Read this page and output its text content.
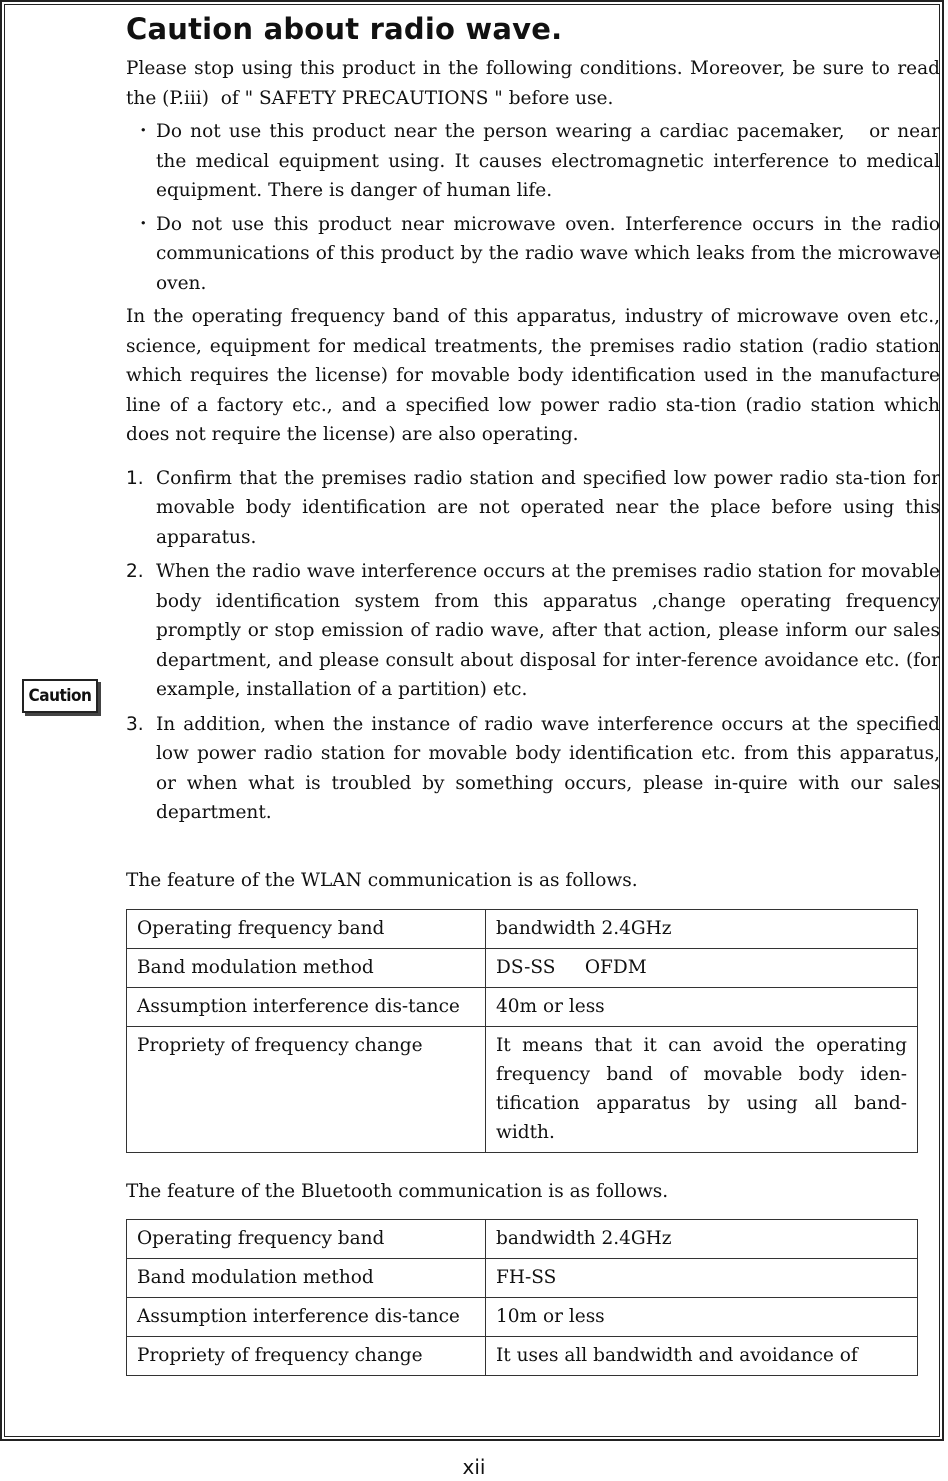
Caution
Caution about radio wave.

Please stop using this product in the following conditions. Moreover, be sure to read the (P.iii)  of " SAFETY PRECAUTIONS " before use.

・ Do not use this product near the person wearing a cardiac pacemaker,   or near the medical equipment using. It causes electromagnetic interference to medical equipment. There is danger of human life.
・ Do not use this product near microwave oven. Interference occurs in the radio communications of this product by the radio wave which leaks from the microwave oven.

In the operating frequency band of this apparatus, industry of microwave oven etc., science, equipment for medical treatments, the premises radio station (radio station which requires the license) for movable body identification used in the manufacture line of a factory etc., and a specified low power radio sta-tion (radio station which does not require the license) are also operating.

1. Confirm that the premises radio station and specified low power radio sta-tion for movable body identification are not operated near the place before using this apparatus.
2. When the radio wave interference occurs at the premises radio station for movable body identification system from this apparatus ,change operating frequency promptly or stop emission of radio wave, after that action, please inform our sales department, and please consult about disposal for inter-ference avoidance etc. (for example, installation of a partition) etc.
3. In addition, when the instance of radio wave interference occurs at the specified low power radio station for movable body identification etc. from this apparatus, or when what is troubled by something occurs, please in-quire with our sales department.

The feature of the WLAN communication is as follows.

Operating frequency band	bandwidth 2.4GHz
Band modulation method	DS-SS     OFDM
Assumption interference dis-tance	40m or less
Propriety of frequency change	It means that it can avoid the operating frequency band of movable body iden-tification apparatus by using all band-width.

The feature of the Bluetooth communication is as follows.

Operating frequency band	bandwidth 2.4GHz
Band modulation method	FH-SS
Assumption interference dis-tance	10m or less
Propriety of frequency change	It uses all bandwidth and avoidance of
xii
